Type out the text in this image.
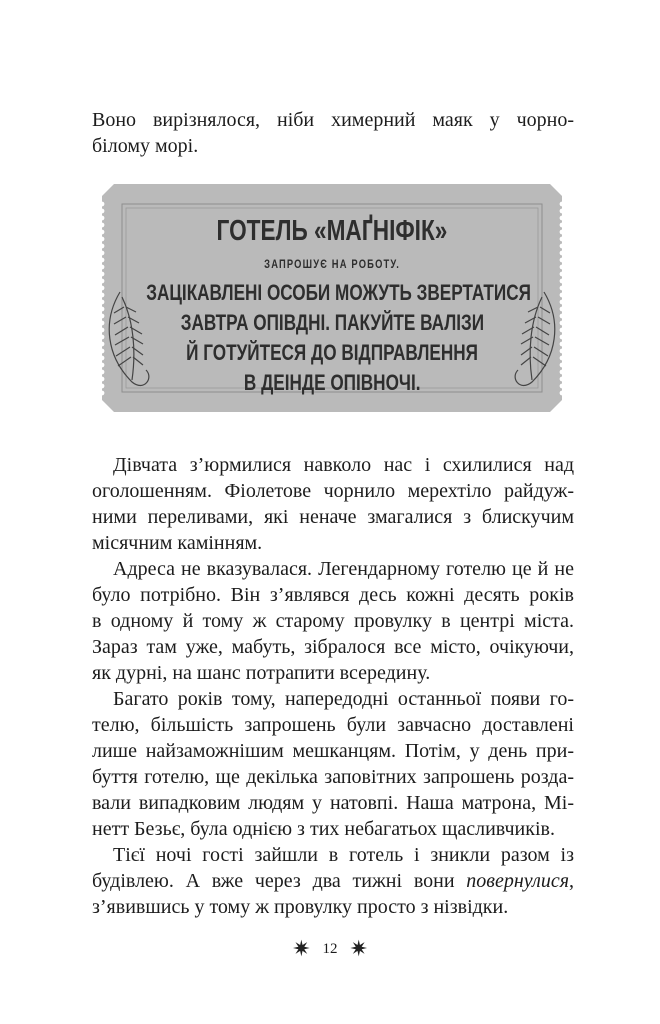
Воно вирізнялося, ніби химерний маяк у чорно-
білому морі.
ГОТЕЛЬ «МАҐНІФІК»
ЗАПРОШУЄ НА РОБОТУ.
ЗАЦІКАВЛЕНІ ОСОБИ МОЖУТЬ ЗВЕРТАТИСЯ
ЗАВТРА ОПІВДНІ. ПАКУЙТЕ ВАЛІЗИ
Й ГОТУЙТЕСЯ ДО ВІДПРАВЛЕННЯ
В ДЕІНДЕ ОПІВНОЧІ.
Дівчата з’юрмилися навколо нас і схилилися над
оголошенням. Фіолетове чорнило мерехтіло райдуж-
ними переливами, які неначе змагалися з блискучим
місячним камінням.
Адреса не вказувалася. Легендарному готелю це й не
було потрібно. Він з’являвся десь кожні десять років
в одному й тому ж старому провулку в центрі міста.
Зараз там уже, мабуть, зібралося все місто, очікуючи,
як дурні, на шанс потрапити всередину.
Багато років тому, напередодні останньої появи го-
телю, більшість запрошень були завчасно доставлені
лише найзаможнішим мешканцям. Потім, у день при-
буття готелю, ще декілька заповітних запрошень розда-
вали випадковим людям у натовпі. Наша матрона, Мі-
нетт Безьє, була однією з тих небагатьох щасливчиків.
Тієї ночі гості зайшли в готель і зникли разом із
будівлею. А вже через два тижні вони повернулися,
з’явившись у тому ж провулку просто з нізвідки.
✷ 12 ✷
